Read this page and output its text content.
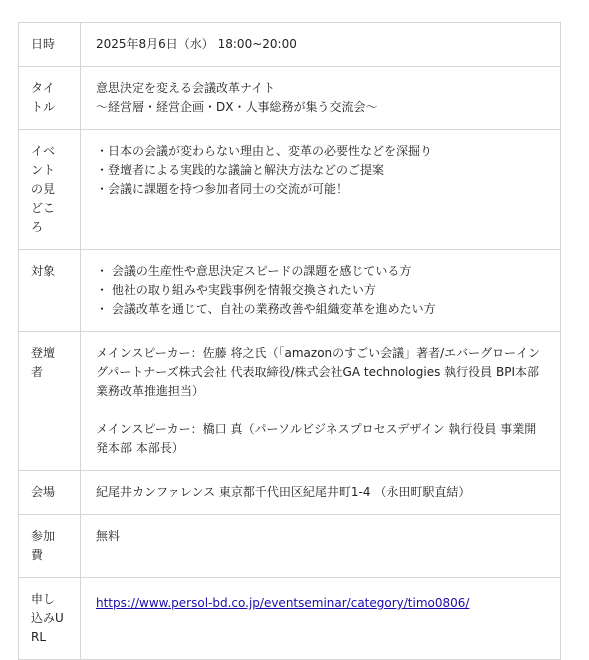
日時	2025年8月6日（水） 18:00~20:00

タイトル	意思決定を変える会議改革ナイト
〜経営層・経営企画・DX・人事総務が集う交流会〜

イベントの見どころ	・日本の会議が変わらない理由と、変革の必要性などを深掘り
・登壇者による実践的な議論と解決方法などのご提案
・会議に課題を持つ参加者同士の交流が可能！

対象	・ 会議の生産性や意思決定スピードの課題を感じている方
・ 他社の取り組みや実践事例を情報交換されたい方
・ 会議改革を通じて、自社の業務改善や組織変革を進めたい方

登壇者	メインスピーカー：佐藤 将之氏（「amazonのすごい会議」著者/エバーグローイングパートナーズ株式会社 代表取締役/株式会社GA technologies 執行役員 BPI本部 業務改革推進担当）
メインスピーカー：橋口 真（パーソルビジネスプロセスデザイン 執行役員 事業開発本部 本部長）

会場	紀尾井カンファレンス 東京都千代田区紀尾井町1-4 （永田町駅直結）

参加費	無料

申し込みURL	https://www.persol-bd.co.jp/eventseminar/category/timo0806/
